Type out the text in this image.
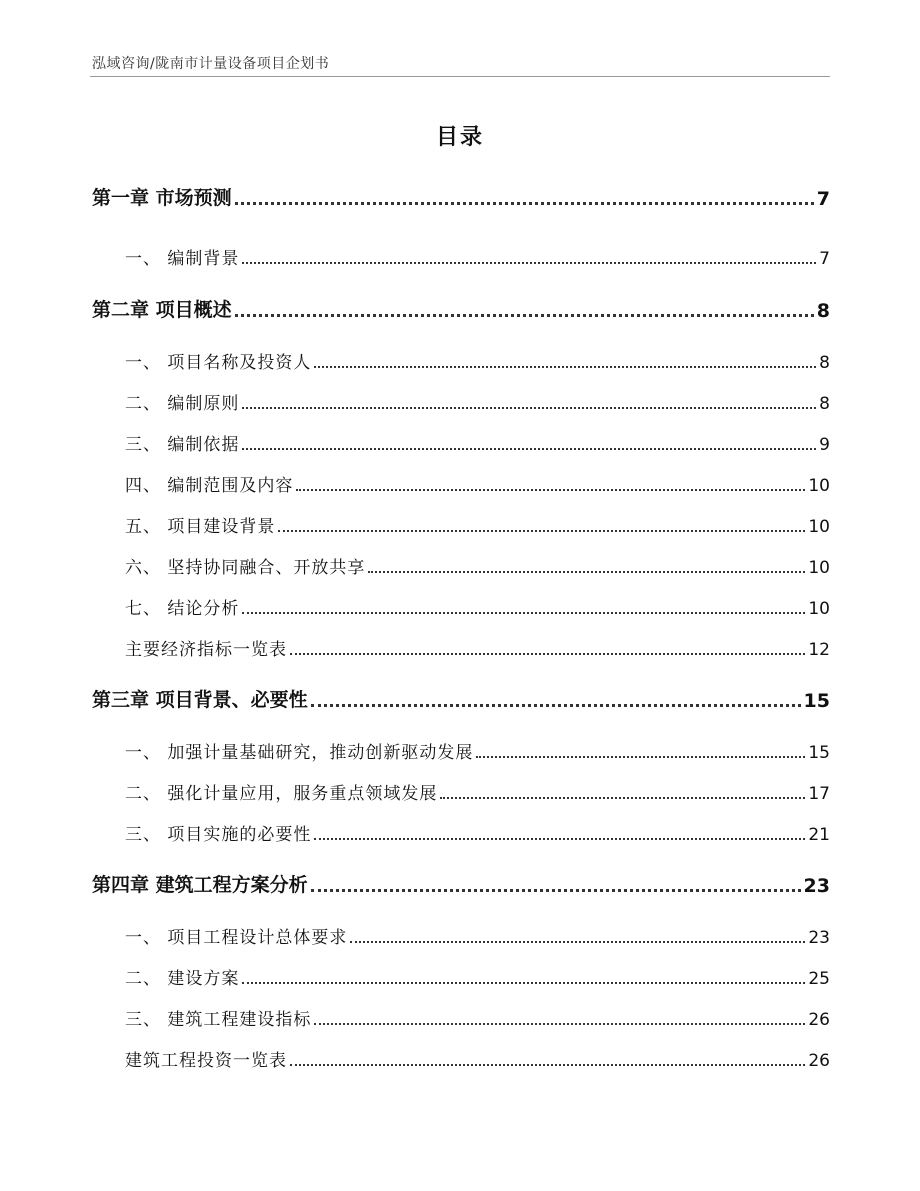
泓域咨询/陇南市计量设备项目企划书
目录
第一章 市场预测	7
一、 编制背景	7
第二章 项目概述	8
一、 项目名称及投资人	8
二、 编制原则	8
三、 编制依据	9
四、 编制范围及内容	10
五、 项目建设背景	10
六、 坚持协同融合、开放共享	10
七、 结论分析	10
主要经济指标一览表	12
第三章 项目背景、必要性	15
一、 加强计量基础研究，推动创新驱动发展	15
二、 强化计量应用，服务重点领域发展	17
三、 项目实施的必要性	21
第四章 建筑工程方案分析	23
一、 项目工程设计总体要求	23
二、 建设方案	25
三、 建筑工程建设指标	26
建筑工程投资一览表	26
